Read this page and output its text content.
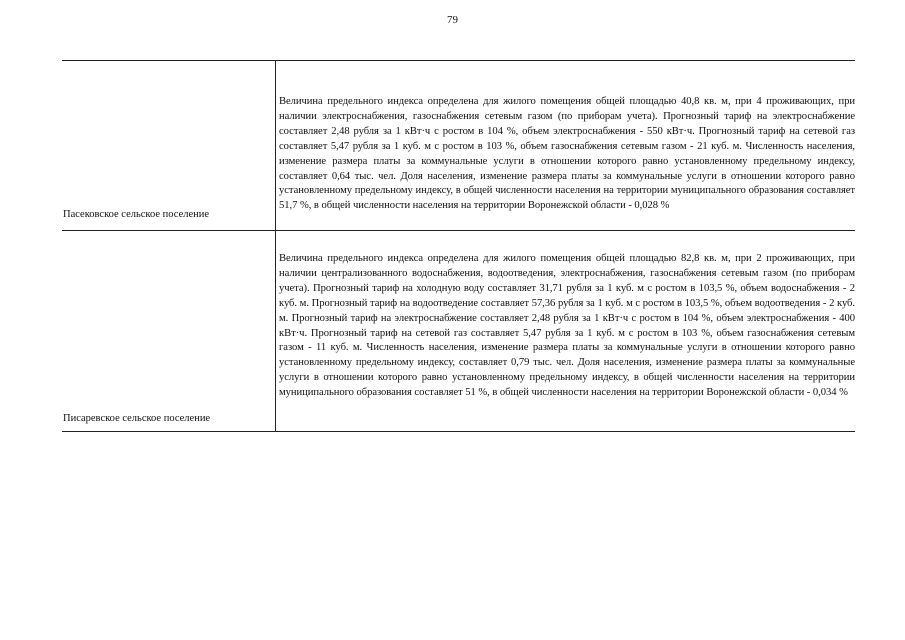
79
Пасековское сельское поселение
Величина предельного индекса определена для жилого помещения общей площадью 40,8 кв. м, при 4 проживающих, при наличии электроснабжения, газоснабжения сетевым газом (по приборам учета). Прогнозный тариф на электроснабжение составляет 2,48 рубля за 1 кВт·ч с ростом в 104 %, объем электроснабжения - 550 кВт·ч. Прогнозный тариф на сетевой газ составляет 5,47 рубля за 1 куб. м с ростом в 103 %, объем газоснабжения сетевым газом - 21 куб. м. Численность населения, изменение размера платы за коммунальные услуги в отношении которого равно установленному предельному индексу, составляет 0,64 тыс. чел. Доля населения, изменение размера платы за коммунальные услуги в отношении которого равно установленному предельному индексу, в общей численности населения на территории муниципального образования составляет 51,7 %, в общей численности населения на территории Воронежской области - 0,028 %
Писаревское сельское поселение
Величина предельного индекса определена для жилого помещения общей площадью 82,8 кв. м, при 2 проживающих, при наличии централизованного водоснабжения, водоотведения, электроснабжения, газоснабжения сетевым газом (по приборам учета). Прогнозный тариф на холодную воду составляет 31,71 рубля за 1 куб. м с ростом в 103,5 %, объем водоснабжения - 2 куб. м. Прогнозный тариф на водоотведение составляет 57,36 рубля за 1 куб. м с ростом в 103,5 %, объем водоотведения - 2 куб. м. Прогнозный тариф на электроснабжение составляет 2,48 рубля за 1 кВт·ч с ростом в 104 %, объем электроснабжения - 400 кВт·ч. Прогнозный тариф на сетевой газ составляет 5,47 рубля за 1 куб. м с ростом в 103 %, объем газоснабжения сетевым газом - 11 куб. м. Численность населения, изменение размера платы за коммунальные услуги в отношении которого равно установленному предельному индексу, составляет 0,79 тыс. чел. Доля населения, изменение размера платы за коммунальные услуги в отношении которого равно установленному предельному индексу, в общей численности населения на территории муниципального образования составляет 51 %, в общей численности населения на территории Воронежской области - 0,034 %
